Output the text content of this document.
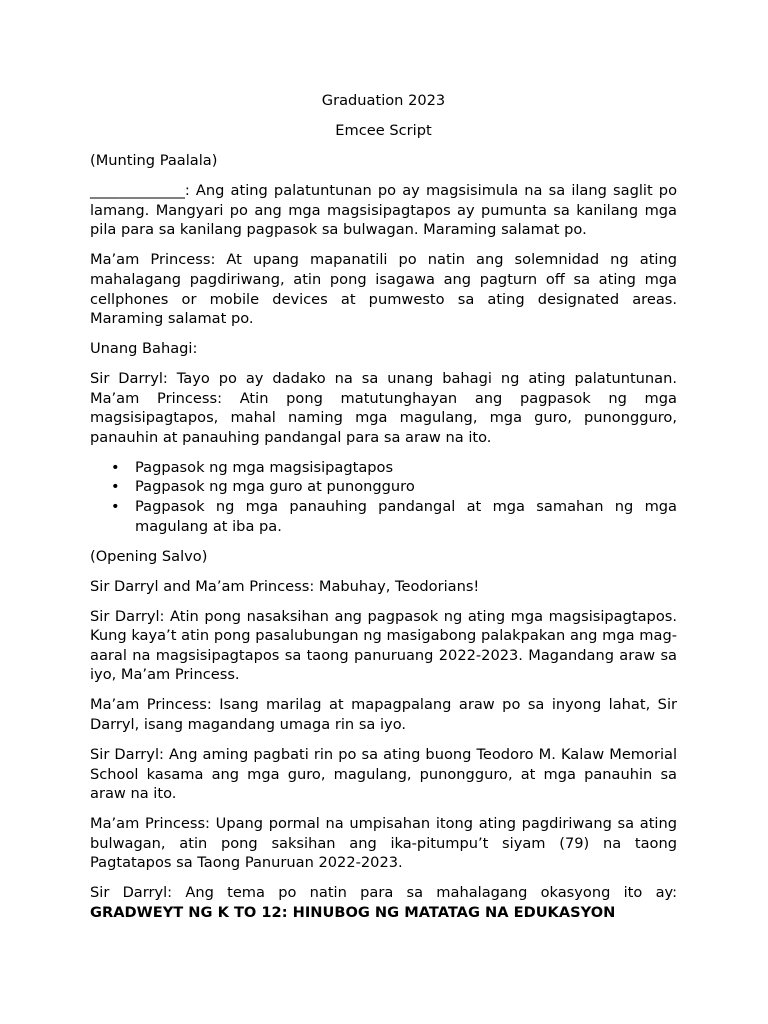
Graduation 2023
Emcee Script

(Munting Paalala)

_____________: Ang ating palatuntunan po ay magsisimula na sa ilang saglit po lamang. Mangyari po ang mga magsisipagtapos ay pumunta sa kanilang mga pila para sa kanilang pagpasok sa bulwagan. Maraming salamat po.

Ma’am Princess: At upang mapanatili po natin ang solemnidad ng ating mahalagang pagdiriwang, atin pong isagawa ang pagturn off sa ating mga cellphones or mobile devices at pumwesto sa ating designated areas. Maraming salamat po.

Unang Bahagi:

Sir Darryl: Tayo po ay dadako na sa unang bahagi ng ating palatuntunan. Ma’am Princess: Atin pong matutunghayan ang pagpasok ng mga magsisipagtapos, mahal naming mga magulang, mga guro, punongguro, panauhin at panauhing pandangal para sa araw na ito.

• Pagpasok ng mga magsisipagtapos
• Pagpasok ng mga guro at punongguro
• Pagpasok ng mga panauhing pandangal at mga samahan ng mga magulang at iba pa.

(Opening Salvo)

Sir Darryl and Ma’am Princess: Mabuhay, Teodorians!

Sir Darryl: Atin pong nasaksihan ang pagpasok ng ating mga magsisipagtapos. Kung kaya’t atin pong pasalubungan ng masigabong palakpakan ang mga mag-aaral na magsisipagtapos sa taong panuruang 2022-2023. Magandang araw sa iyo, Ma’am Princess.

Ma’am Princess: Isang marilag at mapagpalang araw po sa inyong lahat, Sir Darryl, isang magandang umaga rin sa iyo.

Sir Darryl: Ang aming pagbati rin po sa ating buong Teodoro M. Kalaw Memorial School kasama ang mga guro, magulang, punongguro, at mga panauhin sa araw na ito.

Ma’am Princess: Upang pormal na umpisahan itong ating pagdiriwang sa ating bulwagan, atin pong saksihan ang ika-pitumpu’t siyam (79) na taong Pagtatapos sa Taong Panuruan 2022-2023.

Sir Darryl: Ang tema po natin para sa mahalagang okasyong ito ay: GRADWEYT NG K TO 12: HINUBOG NG MATATAG NA EDUKASYON
